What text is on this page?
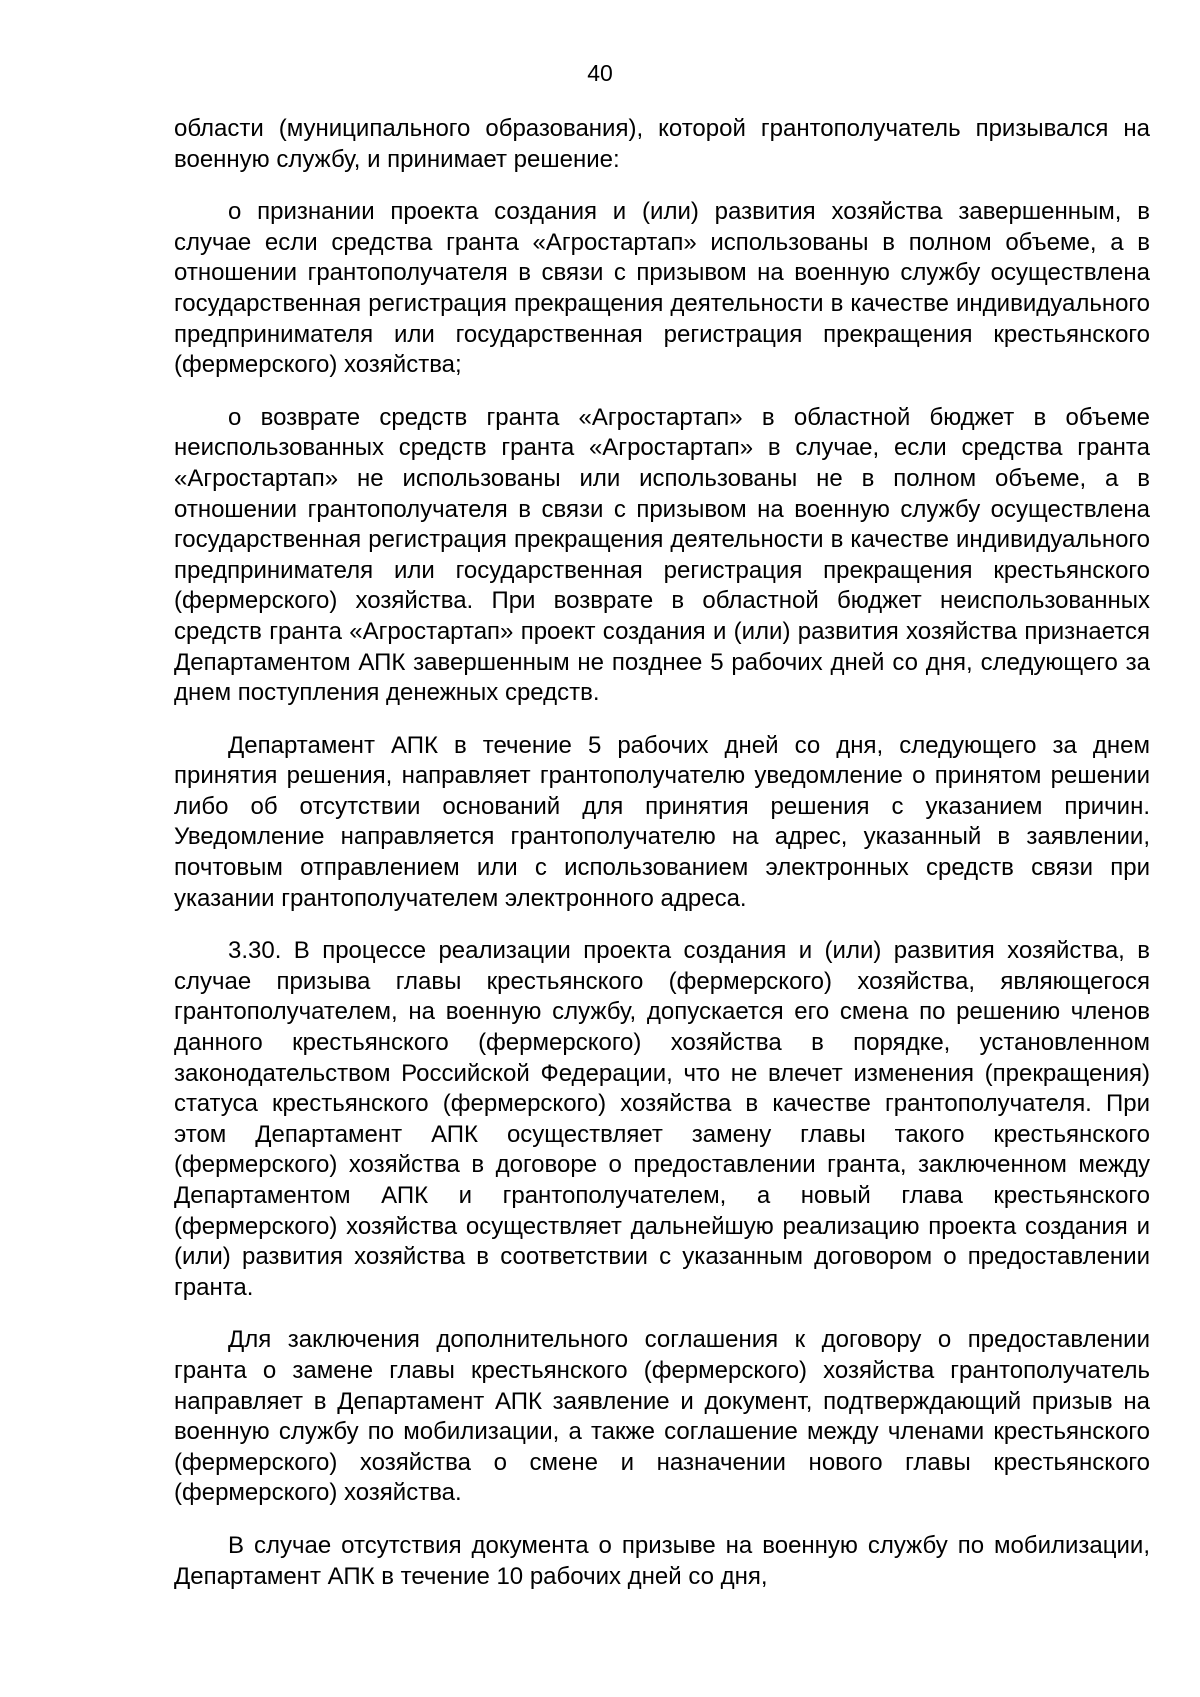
40

области (муниципального образования), которой грантополучатель призывался на военную службу, и принимает решение:

о признании проекта создания и (или) развития хозяйства завершенным, в случае если средства гранта «Агростартап» использованы в полном объеме, а в отношении грантополучателя в связи с призывом на военную службу осуществлена государственная регистрация прекращения деятельности в качестве индивидуального предпринимателя или государственная регистрация прекращения крестьянского (фермерского) хозяйства;

о возврате средств гранта «Агростартап» в областной бюджет в объеме неиспользованных средств гранта «Агростартап» в случае, если средства гранта «Агростартап» не использованы или использованы не в полном объеме, а в отношении грантополучателя в связи с призывом на военную службу осуществлена государственная регистрация прекращения деятельности в качестве индивидуального предпринимателя или государственная регистрация прекращения крестьянского (фермерского) хозяйства. При возврате в областной бюджет неиспользованных средств гранта «Агростартап» проект создания и (или) развития хозяйства признается Департаментом АПК завершенным не позднее 5 рабочих дней со дня, следующего за днем поступления денежных средств.

Департамент АПК в течение 5 рабочих дней со дня, следующего за днем принятия решения, направляет грантополучателю уведомление о принятом решении либо об отсутствии оснований для принятия решения с указанием причин. Уведомление направляется грантополучателю на адрес, указанный в заявлении, почтовым отправлением или с использованием электронных средств связи при указании грантополучателем электронного адреса.

3.30. В процессе реализации проекта создания и (или) развития хозяйства, в случае призыва главы крестьянского (фермерского) хозяйства, являющегося грантополучателем, на военную службу, допускается его смена по решению членов данного крестьянского (фермерского) хозяйства в порядке, установленном законодательством Российской Федерации, что не влечет изменения (прекращения) статуса крестьянского (фермерского) хозяйства в качестве грантополучателя. При этом Департамент АПК осуществляет замену главы такого крестьянского (фермерского) хозяйства в договоре о предоставлении гранта, заключенном между Департаментом АПК и грантополучателем, а новый глава крестьянского (фермерского) хозяйства осуществляет дальнейшую реализацию проекта создания и (или) развития хозяйства в соответствии с указанным договором о предоставлении гранта.

Для заключения дополнительного соглашения к договору о предоставлении гранта о замене главы крестьянского (фермерского) хозяйства грантополучатель направляет в Департамент АПК заявление и документ, подтверждающий призыв на военную службу по мобилизации, а также соглашение между членами крестьянского (фермерского) хозяйства о смене и назначении нового главы крестьянского (фермерского) хозяйства.

В случае отсутствия документа о призыве на военную службу по мобилизации, Департамент АПК в течение 10 рабочих дней со дня,
